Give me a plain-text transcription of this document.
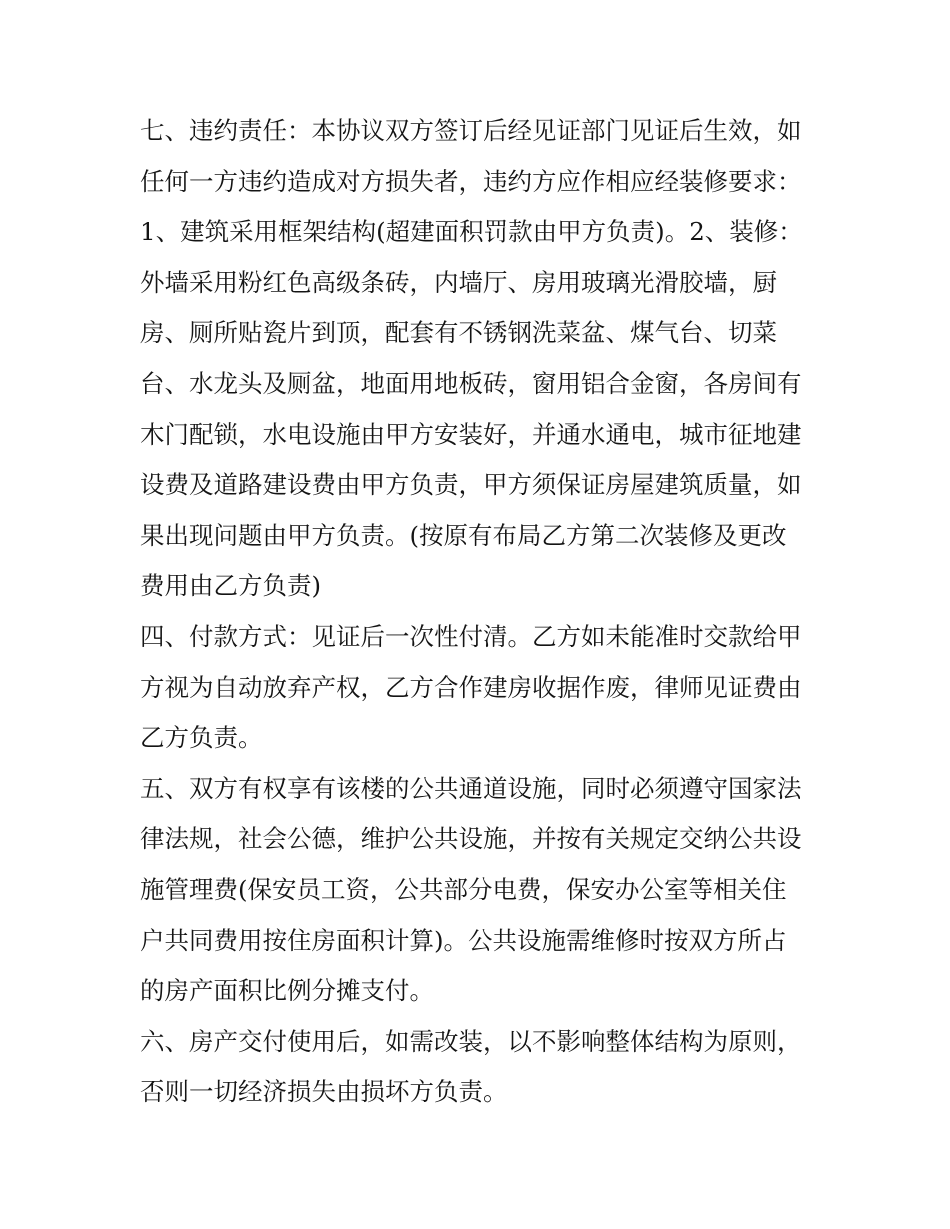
七、违约责任：本协议双方签订后经见证部门见证后生效，如
任何一方违约造成对方损失者，违约方应作相应经装修要求：
1、建筑采用框架结构(超建面积罚款由甲方负责)。2、装修：
外墙采用粉红色高级条砖，内墙厅、房用玻璃光滑胶墙，厨
房、厕所贴瓷片到顶，配套有不锈钢洗菜盆、煤气台、切菜
台、水龙头及厕盆，地面用地板砖，窗用铝合金窗，各房间有
木门配锁，水电设施由甲方安装好，并通水通电，城市征地建
设费及道路建设费由甲方负责，甲方须保证房屋建筑质量，如
果出现问题由甲方负责。(按原有布局乙方第二次装修及更改
费用由乙方负责)
四、付款方式：见证后一次性付清。乙方如未能准时交款给甲
方视为自动放弃产权，乙方合作建房收据作废，律师见证费由
乙方负责。
五、双方有权享有该楼的公共通道设施，同时必须遵守国家法
律法规，社会公德，维护公共设施，并按有关规定交纳公共设
施管理费(保安员工资，公共部分电费，保安办公室等相关住
户共同费用按住房面积计算)。公共设施需维修时按双方所占
的房产面积比例分摊支付。
六、房产交付使用后，如需改装，以不影响整体结构为原则，
否则一切经济损失由损坏方负责。
